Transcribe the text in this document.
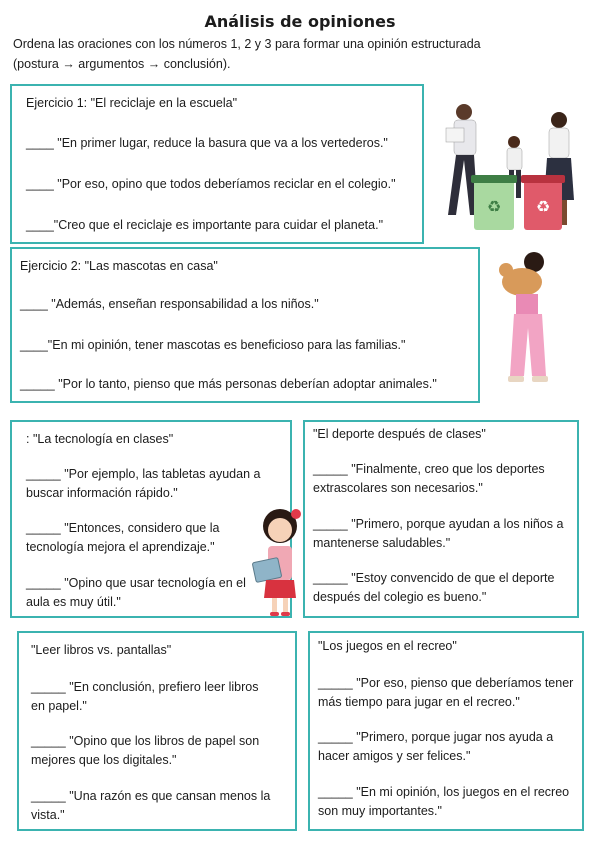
Análisis de opiniones
Ordena las oraciones con los números 1, 2 y 3 para formar una opinión estructurada
(postura → argumentos → conclusión).

Ejercicio 1: "El reciclaje en la escuela"

____ "En primer lugar, reduce la basura que va a los vertederos."

____ "Por eso, opino que todos deberíamos reciclar en el colegio."

____"Creo que el reciclaje es importante para cuidar el planeta."

Ejercicio 2: "Las mascotas en casa"

____ "Además, enseñan responsabilidad a los niños."

____"En mi opinión, tener mascotas es beneficioso para las familias."

_____ "Por lo tanto, pienso que más personas deberían adoptar animales."

: "La tecnología en clases"

_____ "Por ejemplo, las tabletas ayudan a
buscar información rápido."

_____ "Entonces, considero que la
tecnología mejora el aprendizaje."

_____ "Opino que usar tecnología en el
aula es muy útil."

"El deporte después de clases"

_____ "Finalmente, creo que los deportes
extrascolares son necesarios."

_____ "Primero, porque ayudan a los niños a
mantenerse saludables."

_____ "Estoy convencido de que el deporte
después del colegio es bueno."

"Leer libros vs. pantallas"

_____ "En conclusión, prefiero leer libros
en papel."

_____ "Opino que los libros de papel son
mejores que los digitales."

_____ "Una razón es que cansan menos la
vista."

"Los juegos en el recreo"

_____ "Por eso, pienso que deberíamos tener
más tiempo para jugar en el recreo."

_____ "Primero, porque jugar nos ayuda a
hacer amigos y ser felices."

_____ "En mi opinión, los juegos en el recreo
son muy importantes."

♻ ♻
